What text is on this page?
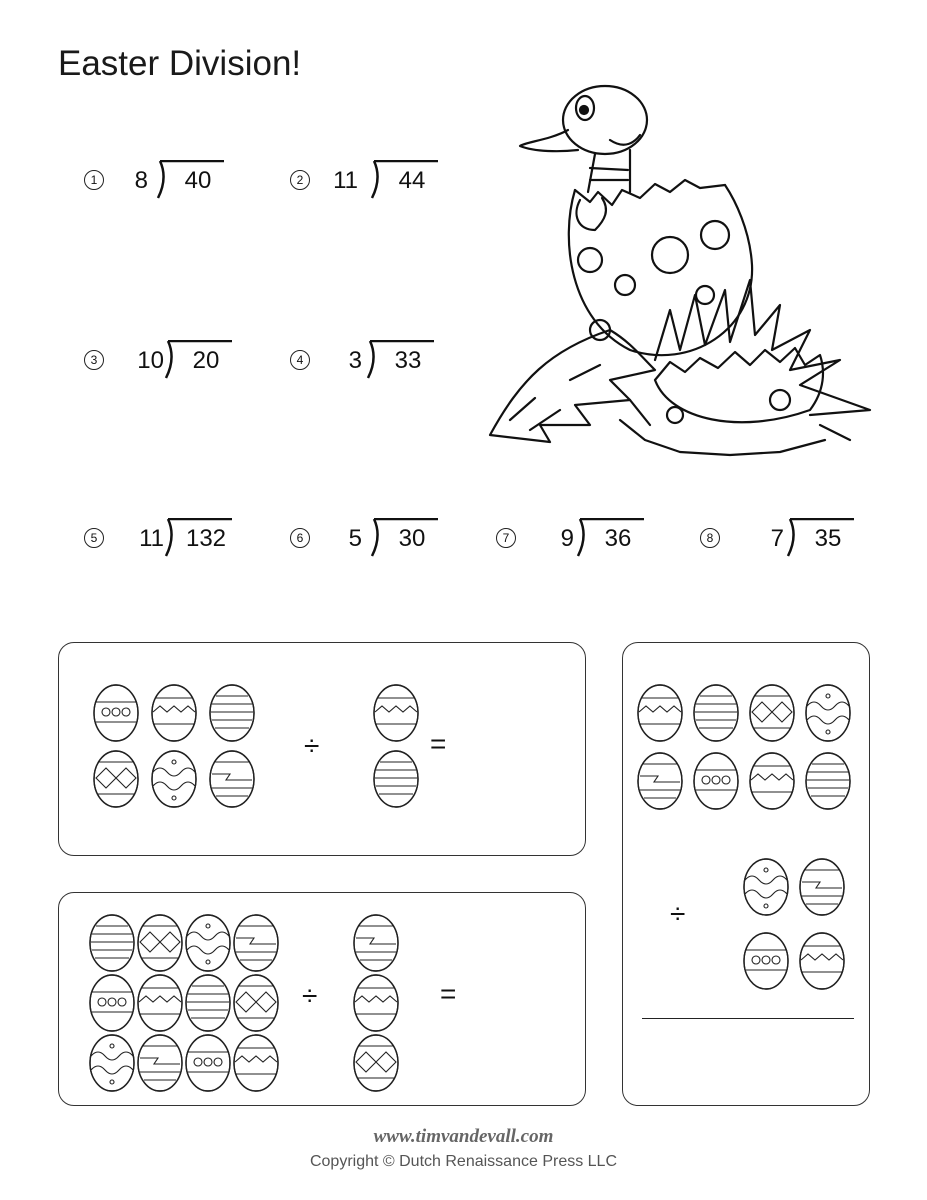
Easter Division!
1	8	40	2	11	44
3	10	20	4	3	33
5	11 132	6	5	30	7	9	36	8	7	35
÷	=
÷	=
÷
www.timvandevall.com
Copyright © Dutch Renaissance Press LLC
